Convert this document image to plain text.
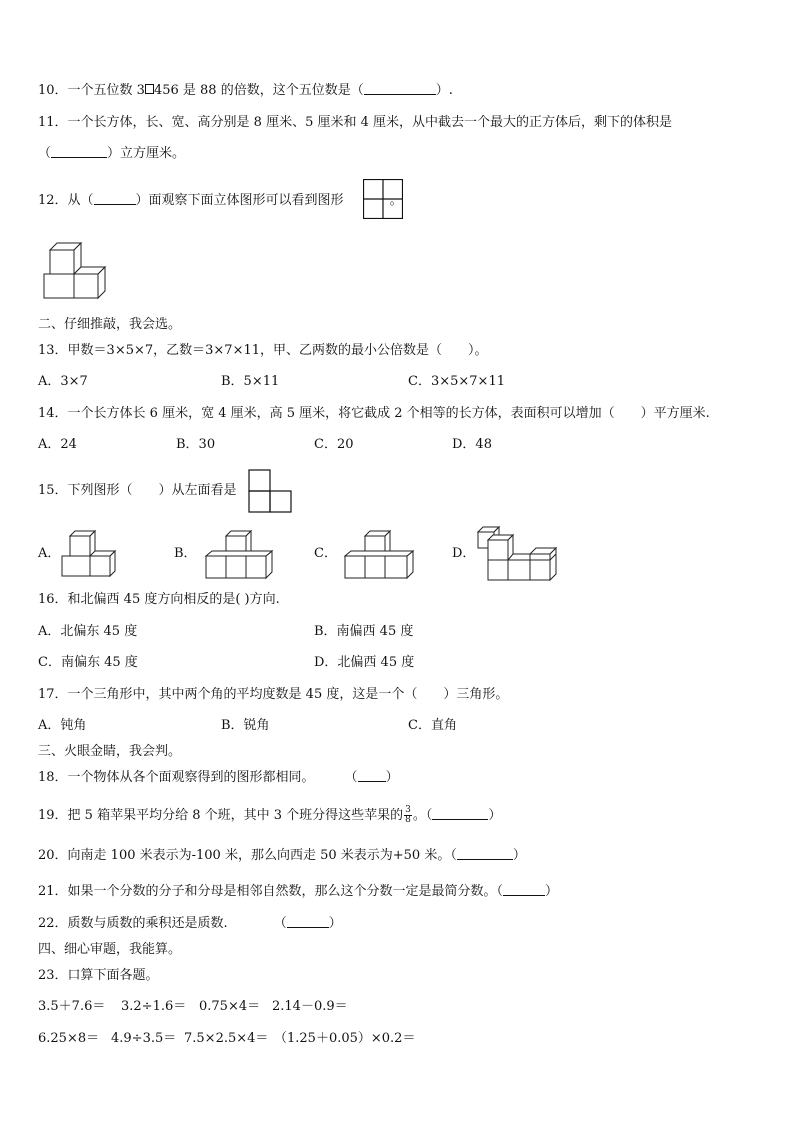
10．一个五位数 3 456 是 88 的倍数，这个五位数是（	）.
11．一个长方体，长、宽、高分别是 8 厘米、5 厘米和 4 厘米，从中截去一个最大的正方体后，剩下的体积是
（	）立方厘米。
12．从（	）面观察下面立体图形可以看到图形	。
二、仔细推敲，我会选。
13．甲数＝3×5×7，乙数＝3×7×11，甲、乙两数的最小公倍数是（　　）。
A．3×7	B．5×11	C．3×5×7×11
14．一个长方体长 6 厘米，宽 4 厘米，高 5 厘米，将它截成 2 个相等的长方体，表面积可以增加（　　）平方厘米.
A．24	B．30	C．20	D．48
15．下列图形（　　）从左面看是
A．	B．	C．	D．
16．和北偏西 45 度方向相反的是( )方向.
A．北偏东 45 度	B．南偏西 45 度
C．南偏东 45 度	D．北偏西 45 度
17．一个三角形中，其中两个角的平均度数是 45 度，这是一个（　　）三角形。
A．钝角	B．锐角	C．直角
三、火眼金睛，我会判。
18．一个物体从各个面观察得到的图形都相同。 （ ）
19．把 5 箱苹果平均分给 8 个班，其中 3 个班分得这些苹果的 $\frac{3}{8}$ 。（	）
20．向南走 100 米表示为-100 米，那么向西走 50 米表示为+50 米。（	）
21．如果一个分数的分子和分母是相邻自然数，那么这个分数一定是最简分数。（	）
22．质数与质数的乘积还是质数.	（	）
四、细心审题，我能算。
23．口算下面各题。
3.5＋7.6＝ 3.2÷1.6＝ 0.75×4＝ 2.14－0.9＝
6.25×8＝ 4.9÷3.5＝ 7.5×2.5×4＝ （1.25＋0.05）×0.2＝
